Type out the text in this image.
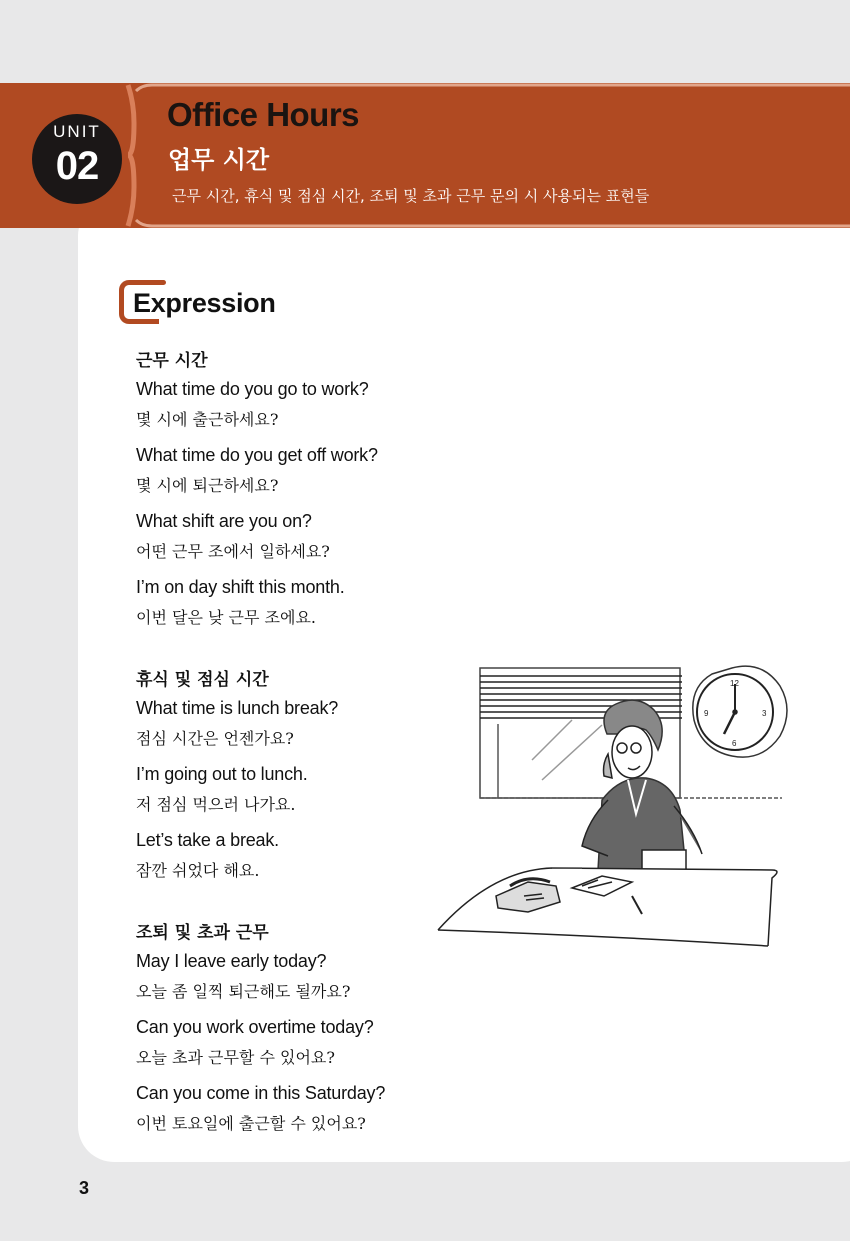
UNIT
02
Office Hours
업무 시간
근무 시간, 휴식 및 점심 시간, 조퇴 및 초과 근무 문의 시 사용되는 표현들
Expression
근무 시간
What time do you go to work?
몇 시에 출근하세요?
What time do you get off work?
몇 시에 퇴근하세요?
What shift are you on?
어떤 근무 조에서 일하세요?
I’m on day shift this month.
이번 달은 낮 근무 조에요.
휴식 및 점심 시간
What time is lunch break?
점심 시간은 언젠가요?
I’m going out to lunch.
저 점심 먹으러 나가요.
Let’s take a break.
잠깐 쉬었다 해요.
조퇴 및 초과 근무
May I leave early today?
오늘 좀 일찍 퇴근해도 될까요?
Can you work overtime today?
오늘 초과 근무할 수 있어요?
Can you come in this Saturday?
이번 토요일에 출근할 수 있어요?
12
3
6
9
3
